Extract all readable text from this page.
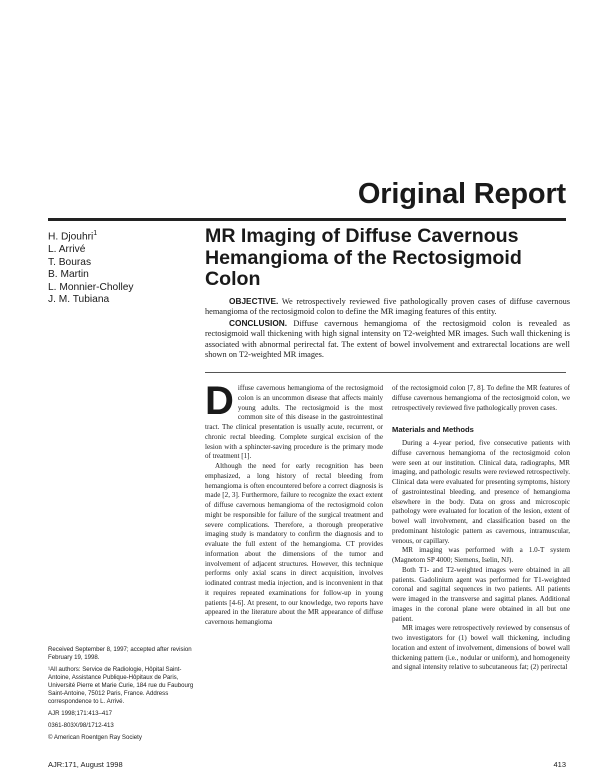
Original Report
H. Djouhri$^1$
L. Arrivé
T. Bouras
B. Martin
L. Monnier-Cholley
J. M. Tubiana
MR Imaging of Diffuse Cavernous Hemangioma of the Rectosigmoid Colon

OBJECTIVE. We retrospectively reviewed five pathologically proven cases of diffuse cavernous hemangioma of the rectosigmoid colon to define the MR imaging features of this entity.

CONCLUSION. Diffuse cavernous hemangioma of the rectosigmoid colon is revealed as rectosigmoid wall thickening with high signal intensity on T2-weighted MR images. Such wall thickening is associated with abnormal perirectal fat. The extent of bowel involvement and extrarectal locations are well shown on T2-weighted MR images.

Diffuse cavernous hemangioma of the rectosigmoid colon is an uncommon disease that affects mainly young adults. The rectosigmoid is the most common site of this disease in the gastrointestinal tract. The clinical presentation is usually acute, recurrent, or chronic rectal bleeding. Complete surgical excision of the lesion with a sphincter-saving procedure is the primary mode of treatment [1].

Although the need for early recognition has been emphasized, a long history of rectal bleeding from hemangioma is often encountered before a correct diagnosis is made [2, 3]. Furthermore, failure to recognize the exact extent of diffuse cavernous hemangioma of the rectosigmoid colon might be responsible for failure of the surgical treatment and severe complications. Therefore, a thorough preoperative imaging study is mandatory to confirm the diagnosis and to evaluate the full extent of the hemangioma. CT provides information about the dimensions of the tumor and involvement of adjacent structures. However, this technique performs only axial scans in direct acquisition, involves iodinated contrast media injection, and is inconvenient in that it requires repeated examinations for follow-up in young patients [4-6]. At present, to our knowledge, two reports have appeared in the literature about the MR appearance of diffuse cavernous hemangioma

of the rectosigmoid colon [7, 8]. To define the MR features of diffuse cavernous hemangioma of the rectosigmoid colon, we retrospectively reviewed five pathologically proven cases.

Materials and Methods

During a 4-year period, five consecutive patients with diffuse cavernous hemangioma of the rectosigmoid colon were seen at our institution. Clinical data, radiographs, MR imaging, and pathologic results were reviewed retrospectively. Clinical data were evaluated for presenting symptoms, history of gastrointestinal bleeding, and presence of hemangioma elsewhere in the body. Data on gross and microscopic pathology were evaluated for location of the lesion, extent of bowel wall involvement, and classification based on the predominant histologic pattern as cavernous, intramuscular, venous, or capillary.

MR imaging was performed with a 1.0-T system (Magnetom SP 4000; Siemens, Iselin, NJ).

Both T1- and T2-weighted images were obtained in all patients. Gadolinium agent was performed for T1-weighted coronal and sagittal sequences in two patients. All patients were imaged in the transverse and sagittal planes. Additional images in the coronal plane were obtained in all but one patient.

MR images were retrospectively reviewed by consensus of two investigators for (1) bowel wall thickening, including location and extent of involvement, dimensions of bowel wall thickening pattern (i.e., nodular or uniform), and homogeneity and signal intensity relative to subcutaneous fat; (2) perirectal

Received September 8, 1997; accepted after revision February 19, 1998.

¹All authors: Service de Radiologie, Hôpital Saint-Antoine, Assistance Publique-Hôpitaux de Paris, Université Pierre et Marie Curie, 184 rue du Faubourg Saint-Antoine, 75012 Paris, France. Address correspondence to L. Arrivé.

AJR 1998;171:413–417

0361-803X/98/1712-413

© American Roentgen Ray Society

AJR:171, August 1998	413
